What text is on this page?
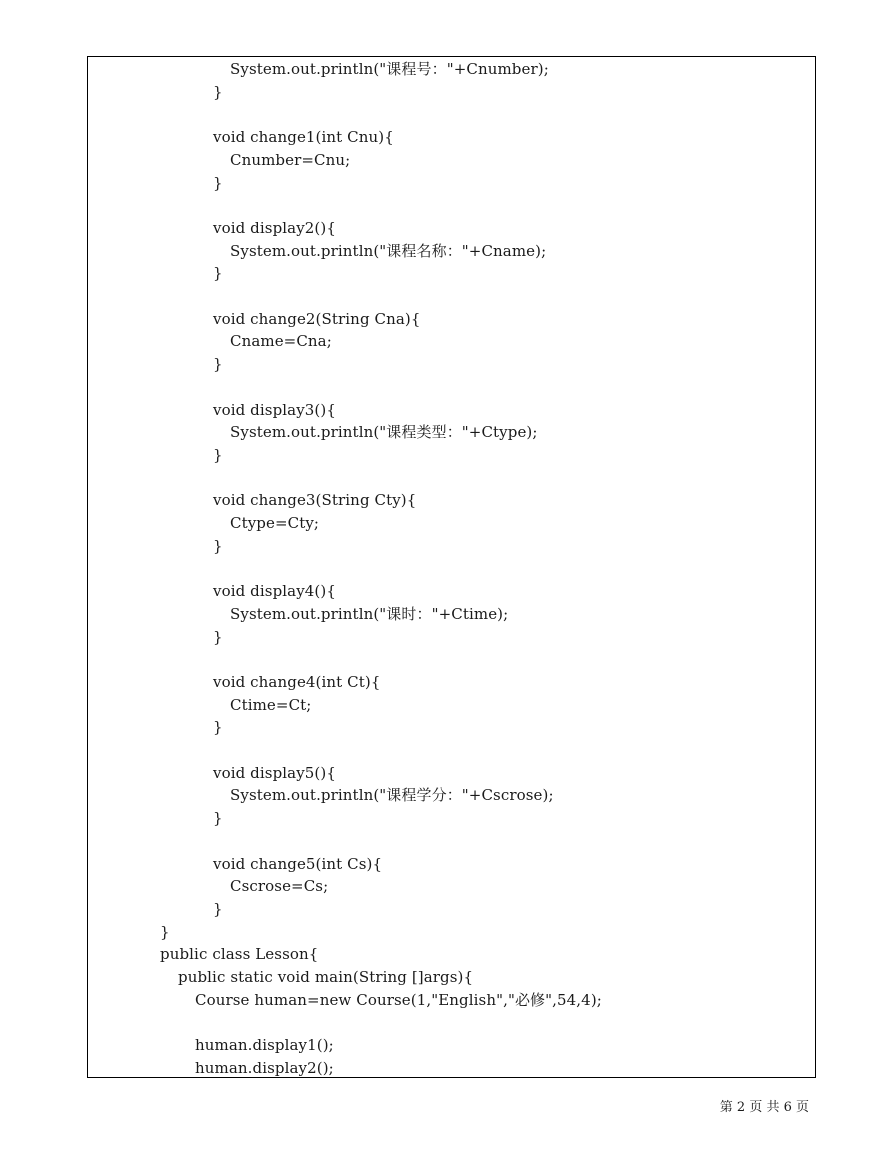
System.out.println("课程号："+Cnumber);
}
void change1(int Cnu){
Cnumber=Cnu;
}
void display2(){
System.out.println("课程名称："+Cname);
}
void change2(String Cna){
Cname=Cna;
}
void display3(){
System.out.println("课程类型："+Ctype);
}
void change3(String Cty){
Ctype=Cty;
}
void display4(){
System.out.println("课时："+Ctime);
}
void change4(int Ct){
Ctime=Ct;
}
void display5(){
System.out.println("课程学分："+Cscrose);
}
void change5(int Cs){
Cscrose=Cs;
}
}
public class Lesson{
public static void main(String []args){
Course human=new Course(1,"English","必修",54,4);
human.display1();
human.display2();
第 2 页 共 6 页
